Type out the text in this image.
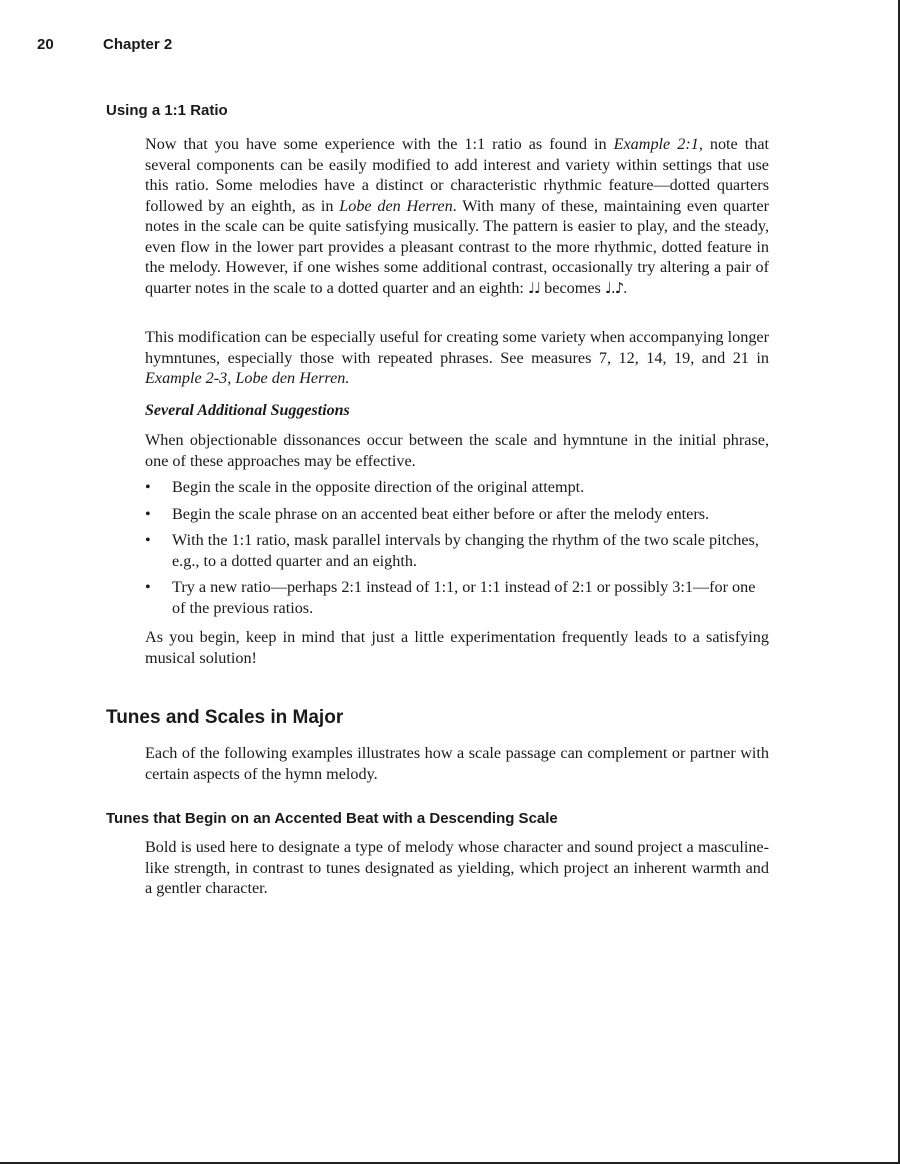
20	Chapter 2
Using a 1:1 Ratio

Now that you have some experience with the 1:1 ratio as found in Example 2:1, note that several components can be easily modified to add interest and variety within settings that use this ratio. Some melodies have a distinct or characteristic rhythmic feature—dotted quarters followed by an eighth, as in Lobe den Herren. With many of these, maintaining even quarter notes in the scale can be quite satisfying musically. The pattern is easier to play, and the steady, even flow in the lower part provides a pleasant contrast to the more rhythmic, dotted feature in the melody. However, if one wishes some additional contrast, occasionally try altering a pair of quarter notes in the scale to a dotted quarter and an eighth: ♩♩ becomes ♩.♪.

This modification can be especially useful for creating some variety when accompanying longer hymntunes, especially those with repeated phrases. See measures 7, 12, 14, 19, and 21 in Example 2-3, Lobe den Herren.

Several Additional Suggestions

When objectionable dissonances occur between the scale and hymntune in the initial phrase, one of these approaches may be effective.

• Begin the scale in the opposite direction of the original attempt.
• Begin the scale phrase on an accented beat either before or after the melody enters.
• With the 1:1 ratio, mask parallel intervals by changing the rhythm of the two scale pitches, e.g., to a dotted quarter and an eighth.
• Try a new ratio—perhaps 2:1 instead of 1:1, or 1:1 instead of 2:1 or possibly 3:1—for one of the previous ratios.

As you begin, keep in mind that just a little experimentation frequently leads to a satisfying musical solution!

Tunes and Scales in Major

Each of the following examples illustrates how a scale passage can complement or partner with certain aspects of the hymn melody.

Tunes that Begin on an Accented Beat with a Descending Scale

Bold is used here to designate a type of melody whose character and sound project a masculine-like strength, in contrast to tunes designated as yielding, which project an inherent warmth and a gentler character.
